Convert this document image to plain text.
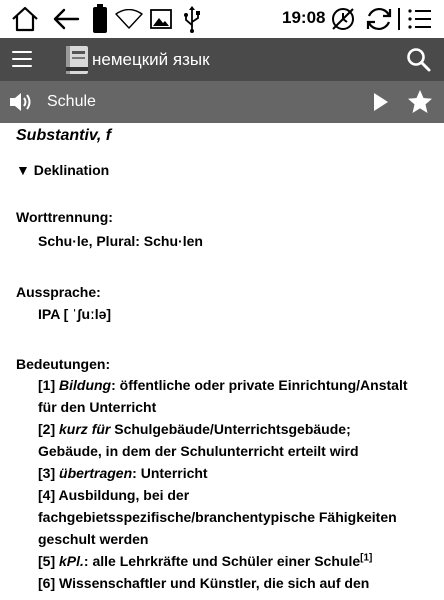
19:08
немецкий язык
Schule
Substantiv, f
▼ Deklination
Worttrennung:
Schu·le, Plural: Schu·len
Aussprache:
IPA [ ˈʃuːlə]
Bedeutungen:
[1] Bildung: öffentliche oder private Einrichtung/Anstalt für den Unterricht
[2] kurz für Schulgebäude/Unterrichtsgebäude; Gebäude, in dem der Schulunterricht erteilt wird
[3] übertragen: Unterricht
[4] Ausbildung, bei der fachgebietsspezifische/branchentypische Fähigkeiten geschult werden
[5] kPl.: alle Lehrkräfte und Schüler einer Schule[1]
[6] Wissenschaftler und Künstler, die sich auf den
